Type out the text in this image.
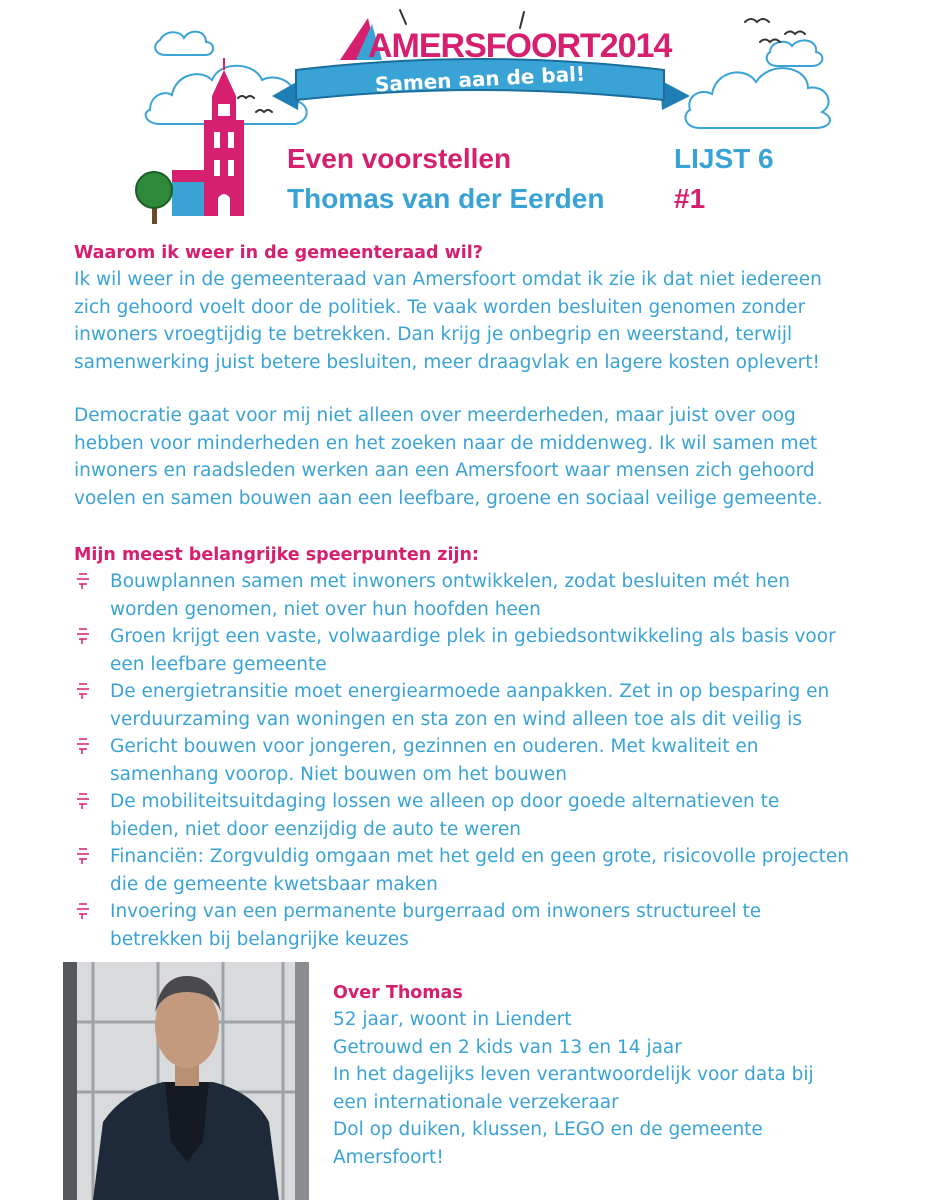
AMERSFOORT2014
Samen aan de bal!
Even voorstellen
Thomas van der Eerden
LIJST 6
#1
Waarom ik weer in de gemeenteraad wil?
Ik wil weer in de gemeenteraad van Amersfoort omdat ik zie ik dat niet iedereen
zich gehoord voelt door de politiek. Te vaak worden besluiten genomen zonder
inwoners vroegtijdig te betrekken. Dan krijg je onbegrip en weerstand, terwijl
samenwerking juist betere besluiten, meer draagvlak en lagere kosten oplevert!
Democratie gaat voor mij niet alleen over meerderheden, maar juist over oog
hebben voor minderheden en het zoeken naar de middenweg. Ik wil samen met
inwoners en raadsleden werken aan een Amersfoort waar mensen zich gehoord
voelen en samen bouwen aan een leefbare, groene en sociaal veilige gemeente.
Mijn meest belangrijke speerpunten zijn:
Bouwplannen samen met inwoners ontwikkelen, zodat besluiten mét hen
worden genomen, niet over hun hoofden heen
Groen krijgt een vaste, volwaardige plek in gebiedsontwikkeling als basis voor
een leefbare gemeente
De energietransitie moet energiearmoede aanpakken. Zet in op besparing en
verduurzaming van woningen en sta zon en wind alleen toe als dit veilig is
Gericht bouwen voor jongeren, gezinnen en ouderen. Met kwaliteit en
samenhang voorop. Niet bouwen om het bouwen
De mobiliteitsuitdaging lossen we alleen op door goede alternatieven te
bieden, niet door eenzijdig de auto te weren
Financiën: Zorgvuldig omgaan met het geld en geen grote, risicovolle projecten
die de gemeente kwetsbaar maken
Invoering van een permanente burgerraad om inwoners structureel te
betrekken bij belangrijke keuzes
Over Thomas
52 jaar, woont in Liendert
Getrouwd en 2 kids van 13 en 14 jaar
In het dagelijks leven verantwoordelijk voor data bij
een internationale verzekeraar
Dol op duiken, klussen, LEGO en de gemeente
Amersfoort!
